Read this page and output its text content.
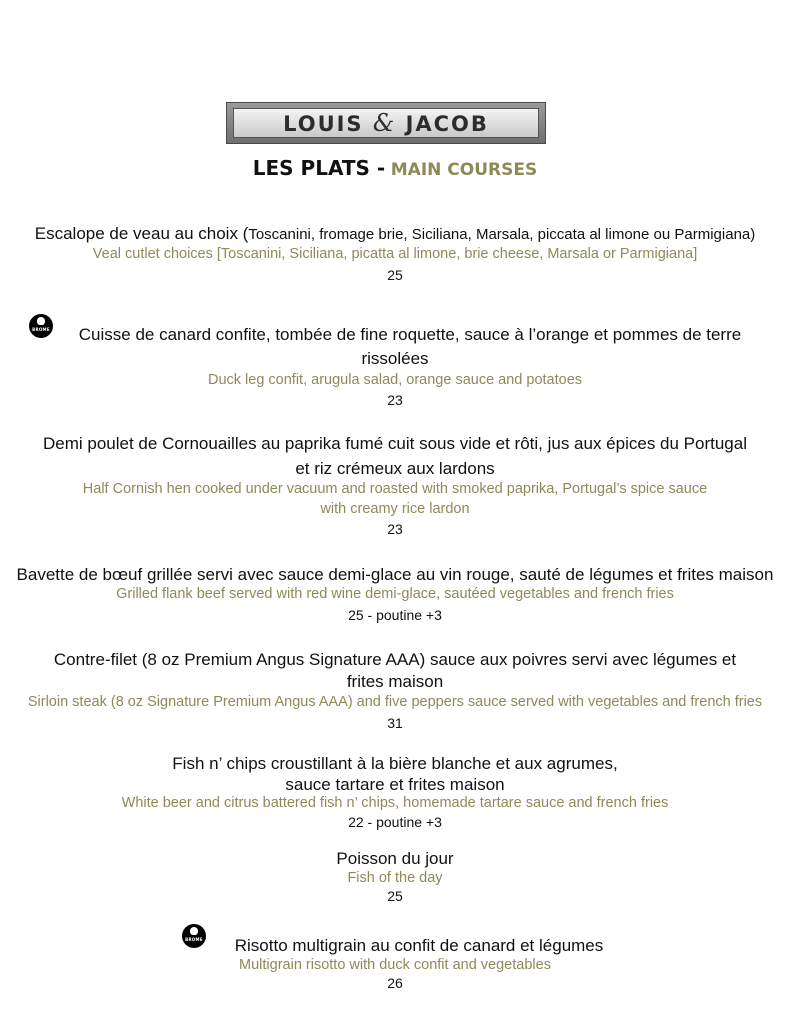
LOUIS & JACOB
LES PLATS - MAIN COURSES
Escalope de veau au choix (Toscanini, fromage brie, Siciliana, Marsala, piccata al limone ou Parmigiana)
Veal cutlet choices [Toscanini, Siciliana, picatta al limone, brie cheese, Marsala or Parmigiana]
25
BROME	Cuisse de canard confite, tombée de fine roquette, sauce à l’orange et pommes de terre
rissolées
Duck leg confit, arugula salad, orange sauce and potatoes
23
Demi poulet de Cornouailles au paprika fumé cuit sous vide et rôti, jus aux épices du Portugal
et riz crémeux aux lardons
Half Cornish hen cooked under vacuum and roasted with smoked paprika, Portugal’s spice sauce
with creamy rice lardon
23
Bavette de bœuf grillée servi avec sauce demi-glace au vin rouge, sauté de légumes et frites maison
Grilled flank beef served with red wine demi-glace, sautéed vegetables and french fries
25 - poutine +3
Contre-filet (8 oz Premium Angus Signature AAA) sauce aux poivres servi avec légumes et
frites maison
Sirloin steak (8 oz Signature Premium Angus AAA) and five peppers sauce served with vegetables and french fries
31
Fish n’ chips croustillant à la bière blanche et aux agrumes,
sauce tartare et frites maison
White beer and citrus battered fish n’ chips, homemade tartare sauce and french fries
22 - poutine +3
Poisson du jour
Fish of the day
25
BROME	Risotto multigrain au confit de canard et légumes
Multigrain risotto with duck confit and vegetables
26
